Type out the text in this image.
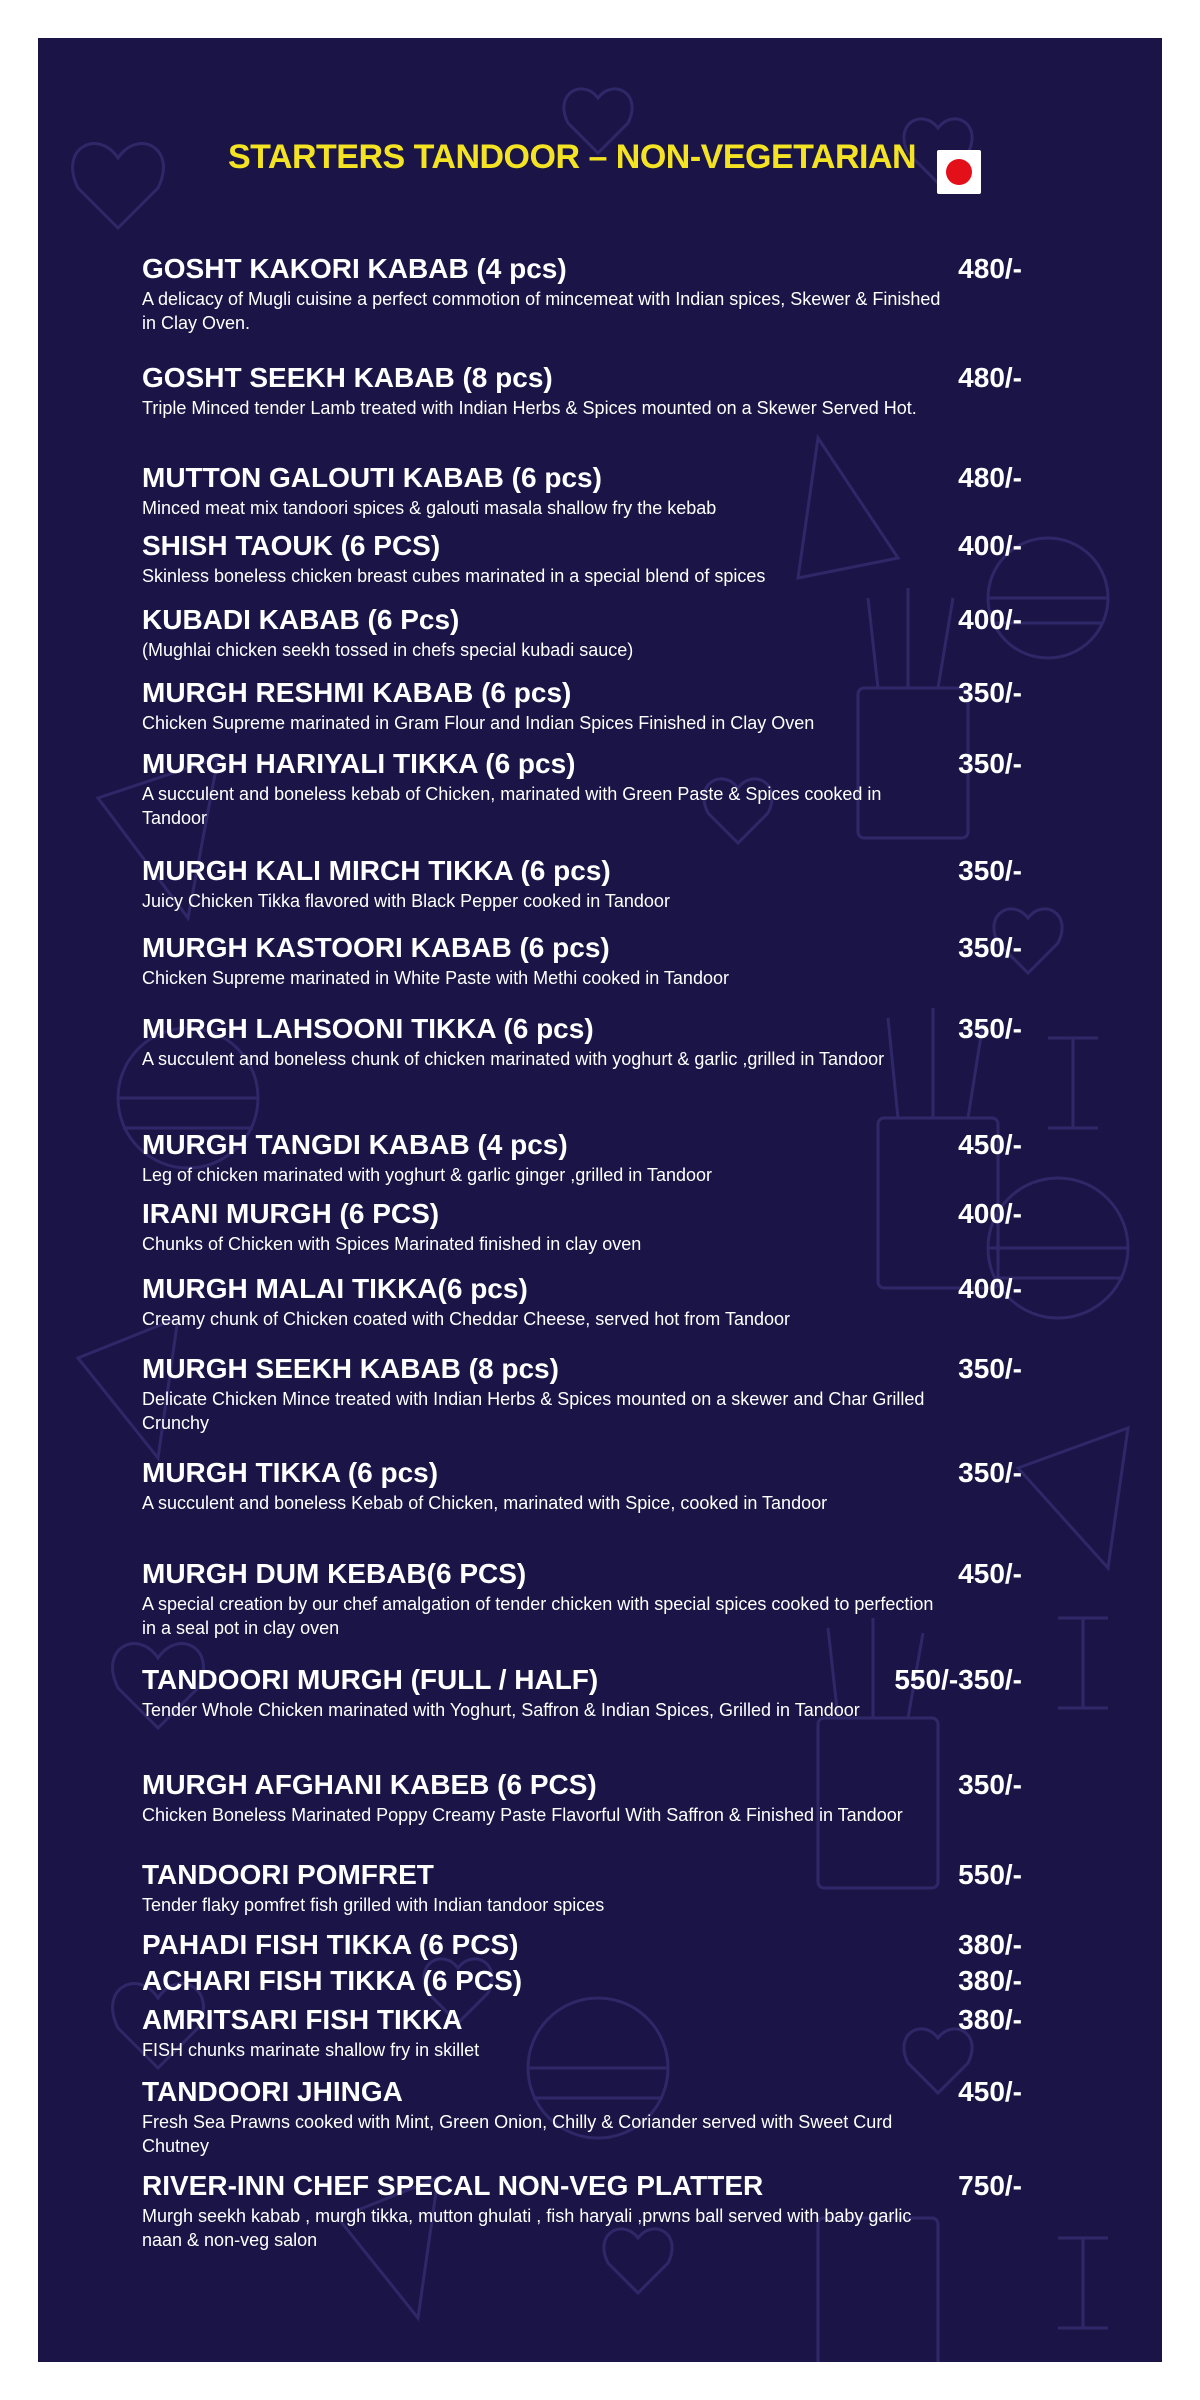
STARTERS TANDOOR – NON-VEGETARIAN
GOSHT KAKORI KABAB (4 pcs)	480/-
A delicacy of Mugli cuisine a perfect commotion of mincemeat with Indian spices, Skewer & Finished in Clay Oven.
GOSHT SEEKH KABAB (8 pcs)	480/-
Triple Minced tender Lamb treated with Indian Herbs & Spices mounted on a Skewer Served Hot.
MUTTON GALOUTI KABAB (6 pcs)	480/-
Minced meat mix tandoori spices & galouti masala shallow fry the kebab
SHISH TAOUK (6 PCS)	400/-
Skinless boneless chicken breast cubes marinated in a special blend of spices
KUBADI KABAB (6 Pcs)	400/-
(Mughlai chicken seekh tossed in chefs special kubadi sauce)
MURGH RESHMI KABAB (6 pcs)	350/-
Chicken Supreme marinated in Gram Flour and Indian Spices Finished in Clay Oven
MURGH HARIYALI TIKKA (6 pcs)	350/-
A succulent and boneless kebab of Chicken, marinated with Green Paste & Spices cooked in Tandoor
MURGH KALI MIRCH TIKKA (6 pcs)	350/-
Juicy Chicken Tikka flavored with Black Pepper cooked in Tandoor
MURGH KASTOORI KABAB (6 pcs)	350/-
Chicken Supreme marinated in White Paste with Methi cooked in Tandoor
MURGH LAHSOONI TIKKA (6 pcs)	350/-
A succulent and boneless chunk of chicken marinated with yoghurt & garlic ,grilled in Tandoor
MURGH TANGDI KABAB (4 pcs)	450/-
Leg of chicken marinated with yoghurt & garlic ginger ,grilled in Tandoor
IRANI MURGH (6 PCS)	400/-
Chunks of Chicken with Spices Marinated finished in clay oven
MURGH MALAI TIKKA(6 pcs)	400/-
Creamy chunk of Chicken coated with Cheddar Cheese, served hot from Tandoor
MURGH SEEKH KABAB (8 pcs)	350/-
Delicate Chicken Mince treated with Indian Herbs & Spices mounted on a skewer and Char Grilled Crunchy
MURGH TIKKA (6 pcs)	350/-
A succulent and boneless Kebab of Chicken, marinated with Spice, cooked in Tandoor
MURGH DUM KEBAB(6 PCS)	450/-
A special creation by our chef amalgation of tender chicken with special spices cooked to perfection in a seal pot in clay oven
TANDOORI MURGH (FULL / HALF)	550/-350/-
Tender Whole Chicken marinated with Yoghurt, Saffron & Indian Spices, Grilled in Tandoor
MURGH AFGHANI KABEB (6 PCS)	350/-
Chicken Boneless Marinated Poppy Creamy Paste Flavorful With Saffron & Finished in Tandoor
TANDOORI POMFRET	550/-
Tender flaky pomfret fish grilled with Indian tandoor spices
PAHADI FISH TIKKA (6 PCS)	380/-
ACHARI FISH TIKKA (6 PCS)	380/-
AMRITSARI FISH TIKKA	380/-
FISH chunks marinate shallow fry in skillet
TANDOORI JHINGA	450/-
Fresh Sea Prawns cooked with Mint, Green Onion, Chilly & Coriander served with Sweet Curd Chutney
RIVER-INN CHEF SPECAL NON-VEG PLATTER	750/-
Murgh seekh kabab , murgh tikka, mutton ghulati , fish haryali ,prwns ball served with baby garlic naan & non-veg salon
